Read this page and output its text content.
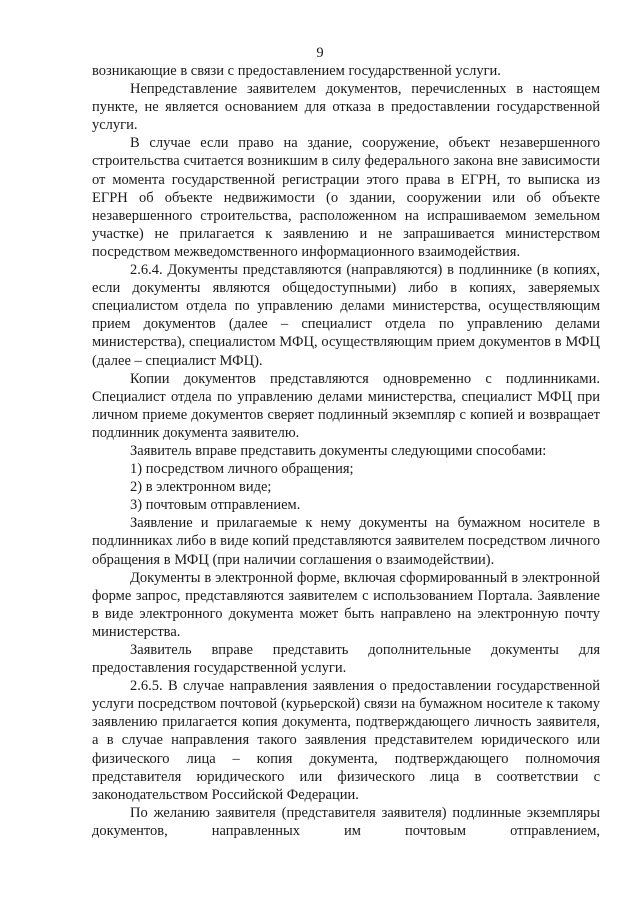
9

возникающие в связи с предоставлением государственной услуги.

Непредставление заявителем документов, перечисленных в настоящем пункте, не является основанием для отказа в предоставлении государственной услуги.

В случае если право на здание, сооружение, объект незавершенного строительства считается возникшим в силу федерального закона вне зависимости от момента государственной регистрации этого права в ЕГРН, то выписка из ЕГРН об объекте недвижимости (о здании, сооружении или об объекте незавершенного строительства, расположенном на испрашиваемом земельном участке) не прилагается к заявлению и не запрашивается министерством посредством межведомственного информационного взаимодействия.

2.6.4. Документы представляются (направляются) в подлиннике (в копиях, если документы являются общедоступными) либо в копиях, заверяемых специалистом отдела по управлению делами министерства, осуществляющим прием документов (далее – специалист отдела по управлению делами министерства), специалистом МФЦ, осуществляющим прием документов в МФЦ (далее – специалист МФЦ).

Копии документов представляются одновременно с подлинниками. Специалист отдела по управлению делами министерства, специалист МФЦ при личном приеме документов сверяет подлинный экземпляр с копией и возвращает подлинник документа заявителю.

Заявитель вправе представить документы следующими способами:

1) посредством личного обращения;

2) в электронном виде;

3) почтовым отправлением.

Заявление и прилагаемые к нему документы на бумажном носителе в подлинниках либо в виде копий представляются заявителем посредством личного обращения в МФЦ (при наличии соглашения о взаимодействии).

Документы в электронной форме, включая сформированный в электронной форме запрос, представляются заявителем с использованием Портала. Заявление в виде электронного документа может быть направлено на электронную почту министерства.

Заявитель вправе представить дополнительные документы для предоставления государственной услуги.

2.6.5. В случае направления заявления о предоставлении государственной услуги посредством почтовой (курьерской) связи на бумажном носителе к такому заявлению прилагается копия документа, подтверждающего личность заявителя, а в случае направления такого заявления представителем юридического или физического лица – копия документа, подтверждающего полномочия представителя юридического или физического лица в соответствии с законодательством Российской Федерации.

По желанию заявителя (представителя заявителя) подлинные экземпляры документов, направленных им почтовым отправлением,
